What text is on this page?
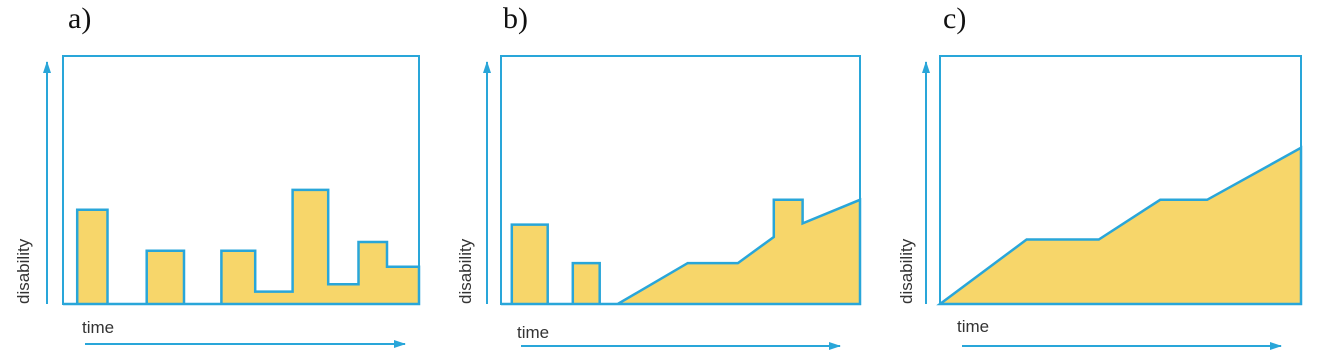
a)
disability
time
b)
disability
time
c)
disability
time
